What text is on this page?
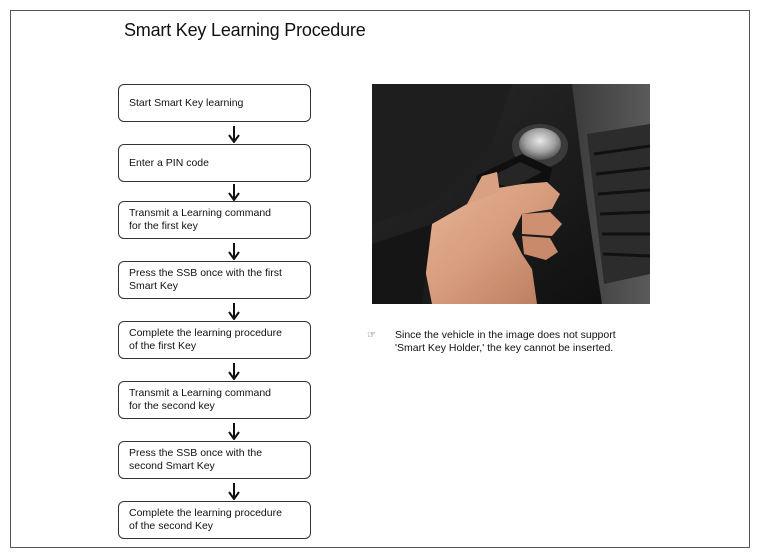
Smart Key Learning Procedure
Start Smart Key learning
Enter a PIN code
Transmit a Learning command
for the first key
Press the SSB once with the first
Smart Key
Complete the learning procedure
of the first Key
Transmit a Learning command
for the second key
Press the SSB once with the
second Smart Key
Complete the learning procedure
of the second Key
☞ Since the vehicle in the image does not support
'Smart Key Holder,' the key cannot be inserted.
